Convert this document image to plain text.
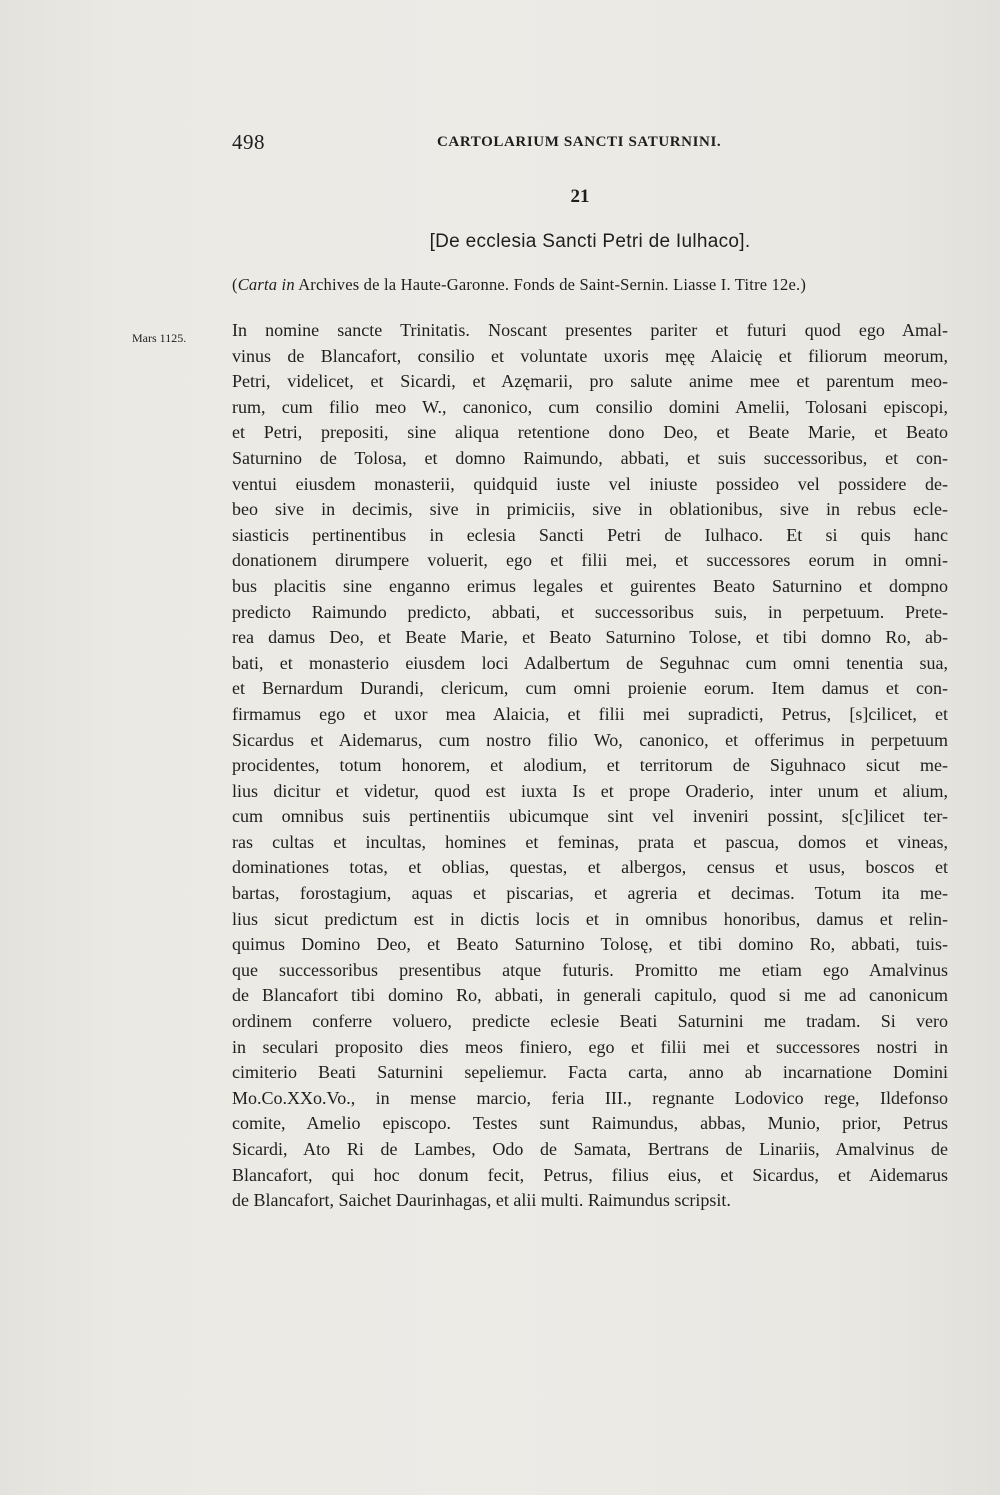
498	CARTOLARIUM SANCTI SATURNINI.
21
[De ecclesia Sancti Petri de Iulhaco].
(Carta in Archives de la Haute-Garonne. Fonds de Saint-Sernin. Liasse I. Titre 12e.)
Mars 1125.	In nomine sancte Trinitatis. Noscant presentes pariter et futuri quod ego Amal-
vinus de Blancafort, consilio et voluntate uxoris męę Alaicię et filiorum meorum,
Petri, videlicet, et Sicardi, et Azęmarii, pro salute anime mee et parentum meo-
rum, cum filio meo W., canonico, cum consilio domini Amelii, Tolosani episcopi,
et Petri, prepositi, sine aliqua retentione dono Deo, et Beate Marie, et Beato
Saturnino de Tolosa, et domno Raimundo, abbati, et suis successoribus, et con-
ventui eiusdem monasterii, quidquid iuste vel iniuste possideo vel possidere de-
beo sive in decimis, sive in primiciis, sive in oblationibus, sive in rebus ecle-
siasticis pertinentibus in eclesia Sancti Petri de Iulhaco. Et si quis hanc
donationem dirumpere voluerit, ego et filii mei, et successores eorum in omni-
bus placitis sine enganno erimus legales et guirentes Beato Saturnino et dompno
predicto Raimundo predicto, abbati, et successoribus suis, in perpetuum. Prete-
rea damus Deo, et Beate Marie, et Beato Saturnino Tolose, et tibi domno Ro, ab-
bati, et monasterio eiusdem loci Adalbertum de Seguhnac cum omni tenentia sua,
et Bernardum Durandi, clericum, cum omni proienie eorum. Item damus et con-
firmamus ego et uxor mea Alaicia, et filii mei supradicti, Petrus, [s]cilicet, et
Sicardus et Aidemarus, cum nostro filio Wo, canonico, et offerimus in perpetuum
procidentes, totum honorem, et alodium, et territorum de Siguhnaco sicut me-
lius dicitur et videtur, quod est iuxta Is et prope Oraderio, inter unum et alium,
cum omnibus suis pertinentiis ubicumque sint vel inveniri possint, s[c]ilicet ter-
ras cultas et incultas, homines et feminas, prata et pascua, domos et vineas,
dominationes totas, et oblias, questas, et albergos, census et usus, boscos et
bartas, forostagium, aquas et piscarias, et agreria et decimas. Totum ita me-
lius sicut predictum est in dictis locis et in omnibus honoribus, damus et relin-
quimus Domino Deo, et Beato Saturnino Tolosę, et tibi domino Ro, abbati, tuis-
que successoribus presentibus atque futuris. Promitto me etiam ego Amalvinus
de Blancafort tibi domino Ro, abbati, in generali capitulo, quod si me ad canonicum
ordinem conferre voluero, predicte eclesie Beati Saturnini me tradam. Si vero
in seculari proposito dies meos finiero, ego et filii mei et successores nostri in
cimiterio Beati Saturnini sepeliemur. Facta carta, anno ab incarnatione Domini
Mo.Co.XXo.Vo., in mense marcio, feria III., regnante Lodovico rege, Ildefonso
comite, Amelio episcopo. Testes sunt Raimundus, abbas, Munio, prior, Petrus
Sicardi, Ato Ri de Lambes, Odo de Samata, Bertrans de Linariis, Amalvinus de
Blancafort, qui hoc donum fecit, Petrus, filius eius, et Sicardus, et Aidemarus
de Blancafort, Saichet Daurinhagas, et alii multi. Raimundus scripsit.
